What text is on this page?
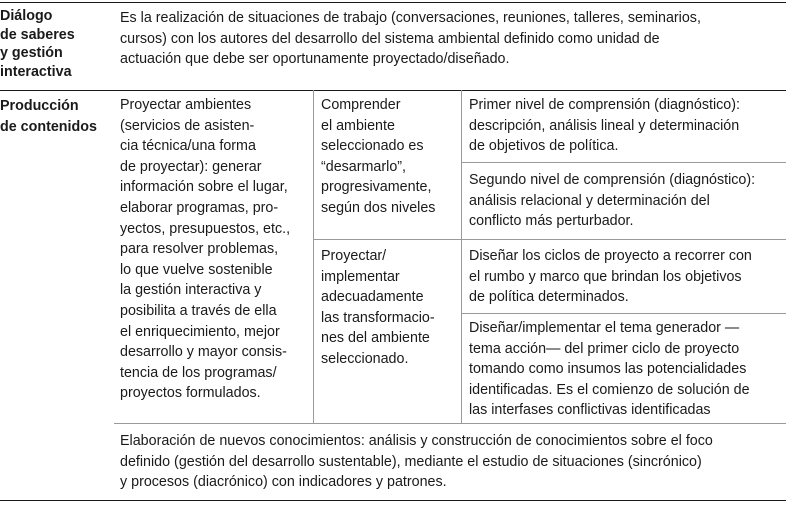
Diálogo
de saberes
y gestión
interactiva
Es la realización de situaciones de trabajo (conversaciones, reuniones, talleres, seminarios,
cursos) con los autores del desarrollo del sistema ambiental definido como unidad de
actuación que debe ser oportunamente proyectado/diseñado.
Producción
de contenidos
Proyectar ambientes
(servicios de asisten-
cia técnica/una forma
de proyectar): generar
información sobre el lugar,
elaborar programas, pro-
yectos, presupuestos, etc.,
para resolver problemas,
lo que vuelve sostenible
la gestión interactiva y
posibilita a través de ella
el enriquecimiento, mejor
desarrollo y mayor consis-
tencia de los programas/
proyectos formulados.
Comprender
el ambiente
seleccionado es
“desarmarlo”,
progresivamente,
según dos niveles
Proyectar/
implementar
adecuadamente
las transformacio-
nes del ambiente
seleccionado.
Primer nivel de comprensión (diagnóstico):
descripción, análisis lineal y determinación
de objetivos de política.
Segundo nivel de comprensión (diagnóstico):
análisis relacional y determinación del
conflicto más perturbador.
Diseñar los ciclos de proyecto a recorrer con
el rumbo y marco que brindan los objetivos
de política determinados.
Diseñar/implementar el tema generador —
tema acción— del primer ciclo de proyecto
tomando como insumos las potencialidades
identificadas. Es el comienzo de solución de
las interfases conflictivas identificadas
Elaboración de nuevos conocimientos: análisis y construcción de conocimientos sobre el foco
definido (gestión del desarrollo sustentable), mediante el estudio de situaciones (sincrónico)
y procesos (diacrónico) con indicadores y patrones.
